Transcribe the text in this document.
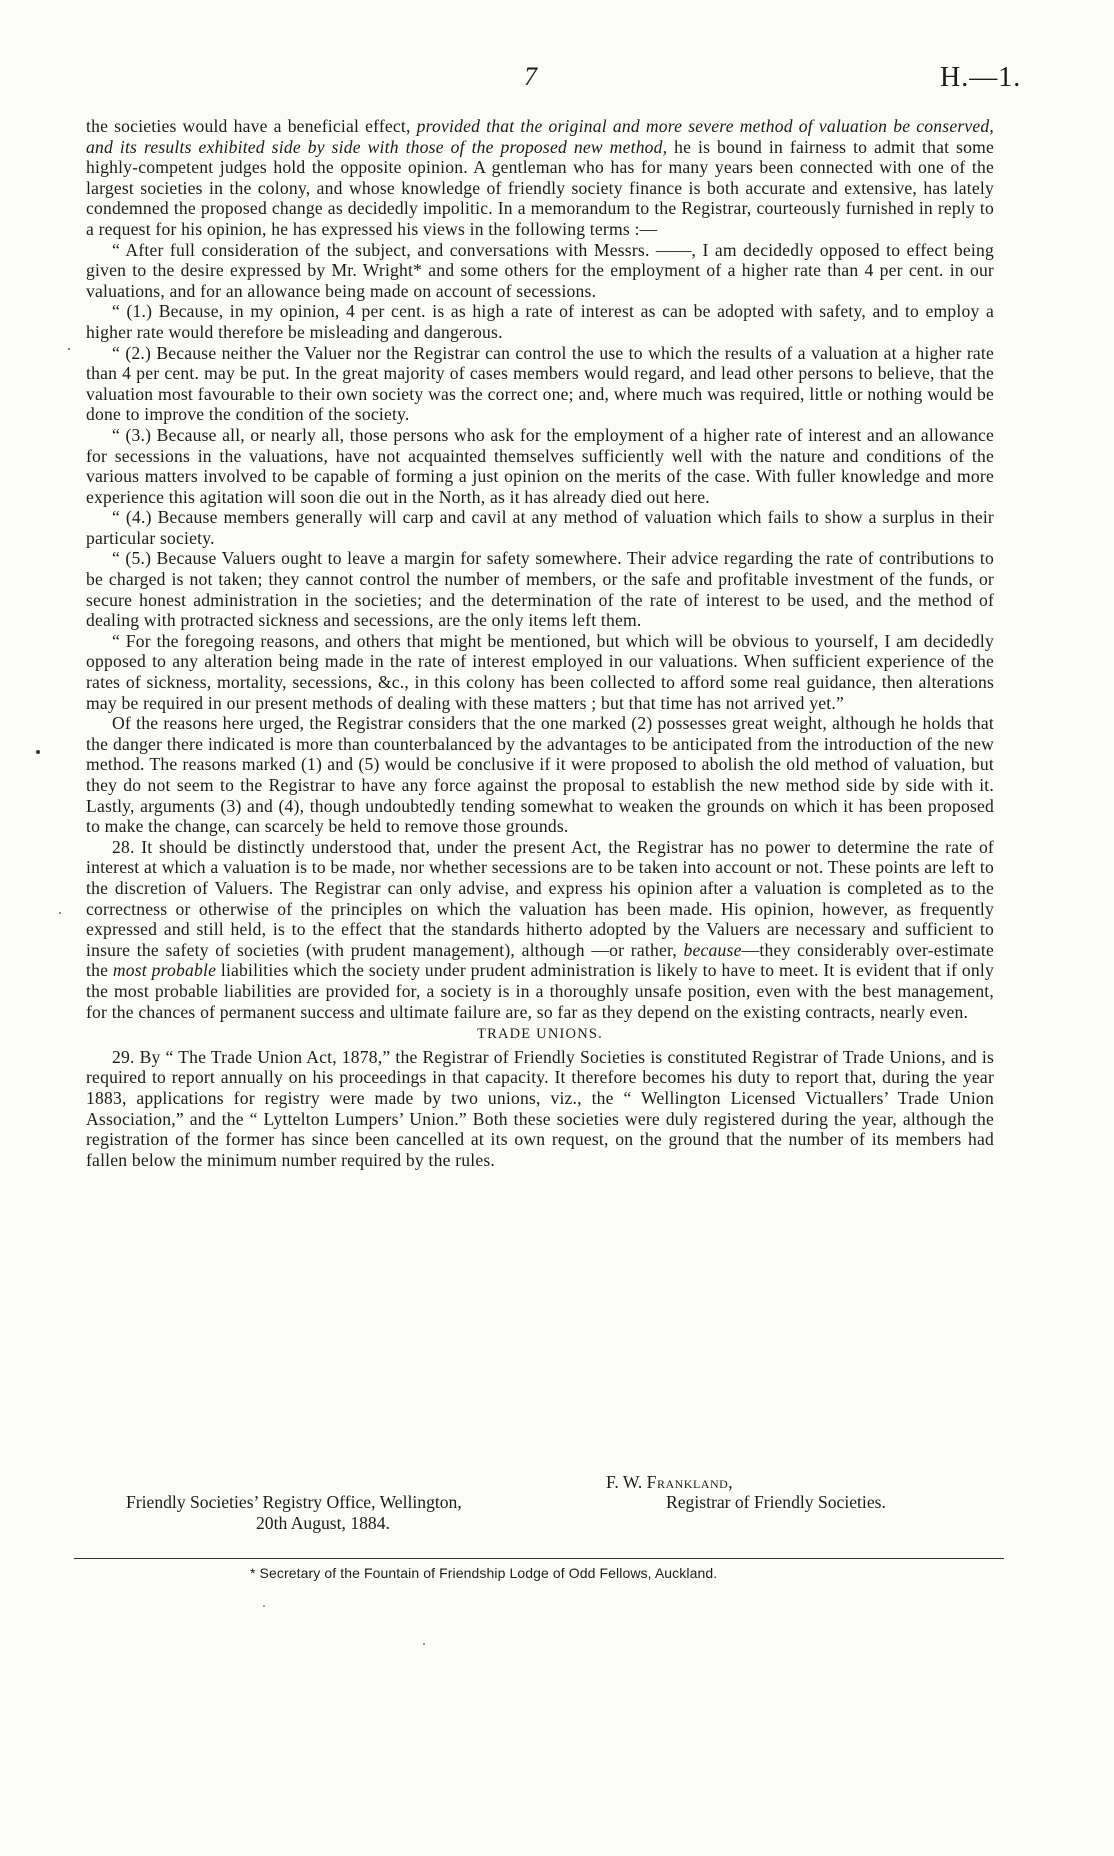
7	H.—1.

the societies would have a beneficial effect, provided that the original and more severe method of valuation be conserved, and its results exhibited side by side with those of the proposed new method, he is bound in fairness to admit that some highly-competent judges hold the opposite opinion. A gentleman who has for many years been connected with one of the largest societies in the colony, and whose knowledge of friendly society finance is both accurate and extensive, has lately condemned the proposed change as decidedly impolitic. In a memorandum to the Registrar, courteously furnished in reply to a request for his opinion, he has expressed his views in the following terms :—

“ After full consideration of the subject, and conversations with Messrs. ——, I am decidedly opposed to effect being given to the desire expressed by Mr. Wright* and some others for the employment of a higher rate than 4 per cent. in our valuations, and for an allowance being made on account of secessions.

“ (1.) Because, in my opinion, 4 per cent. is as high a rate of interest as can be adopted with safety, and to employ a higher rate would therefore be misleading and dangerous.

“ (2.) Because neither the Valuer nor the Registrar can control the use to which the results of a valuation at a higher rate than 4 per cent. may be put. In the great majority of cases members would regard, and lead other persons to believe, that the valuation most favourable to their own society was the correct one; and, where much was required, little or nothing would be done to improve the condition of the society.

“ (3.) Because all, or nearly all, those persons who ask for the employment of a higher rate of interest and an allowance for secessions in the valuations, have not acquainted themselves sufficiently well with the nature and conditions of the various matters involved to be capable of forming a just opinion on the merits of the case. With fuller knowledge and more experience this agitation will soon die out in the North, as it has already died out here.

“ (4.) Because members generally will carp and cavil at any method of valuation which fails to show a surplus in their particular society.

“ (5.) Because Valuers ought to leave a margin for safety somewhere. Their advice regarding the rate of contributions to be charged is not taken; they cannot control the number of members, or the safe and profitable investment of the funds, or secure honest administration in the societies; and the determination of the rate of interest to be used, and the method of dealing with protracted sickness and secessions, are the only items left them.

“ For the foregoing reasons, and others that might be mentioned, but which will be obvious to yourself, I am decidedly opposed to any alteration being made in the rate of interest employed in our valuations. When sufficient experience of the rates of sickness, mortality, secessions, &c., in this colony has been collected to afford some real guidance, then alterations may be required in our present methods of dealing with these matters ; but that time has not arrived yet.”

Of the reasons here urged, the Registrar considers that the one marked (2) possesses great weight, although he holds that the danger there indicated is more than counterbalanced by the advantages to be anticipated from the introduction of the new method. The reasons marked (1) and (5) would be conclusive if it were proposed to abolish the old method of valuation, but they do not seem to the Registrar to have any force against the proposal to establish the new method side by side with it. Lastly, arguments (3) and (4), though undoubtedly tending somewhat to weaken the grounds on which it has been proposed to make the change, can scarcely be held to remove those grounds.

28. It should be distinctly understood that, under the present Act, the Registrar has no power to determine the rate of interest at which a valuation is to be made, nor whether secessions are to be taken into account or not. These points are left to the discretion of Valuers. The Registrar can only advise, and express his opinion after a valuation is completed as to the correctness or otherwise of the principles on which the valuation has been made. His opinion, however, as frequently expressed and still held, is to the effect that the standards hitherto adopted by the Valuers are necessary and sufficient to insure the safety of societies (with prudent management), although —or rather, because—they considerably over-estimate the most probable liabilities which the society under prudent administration is likely to have to meet. It is evident that if only the most probable liabilities are provided for, a society is in a thoroughly unsafe position, even with the best management, for the chances of permanent success and ultimate failure are, so far as they depend on the existing contracts, nearly even.

TRADE UNIONS.

29. By “ The Trade Union Act, 1878,” the Registrar of Friendly Societies is constituted Registrar of Trade Unions, and is required to report annually on his proceedings in that capacity. It therefore becomes his duty to report that, during the year 1883, applications for registry were made by two unions, viz., the “ Wellington Licensed Victuallers’ Trade Union Association,” and the “ Lyttelton Lumpers’ Union.” Both these societies were duly registered during the year, although the registration of the former has since been cancelled at its own request, on the ground that the number of its members had fallen below the minimum number required by the rules.

F. W. Frankland,
Friendly Societies’ Registry Office, Wellington,	Registrar of Friendly Societies.
20th August, 1884.
* Secretary of the Fountain of Friendship Lodge of Odd Fellows, Auckland.
